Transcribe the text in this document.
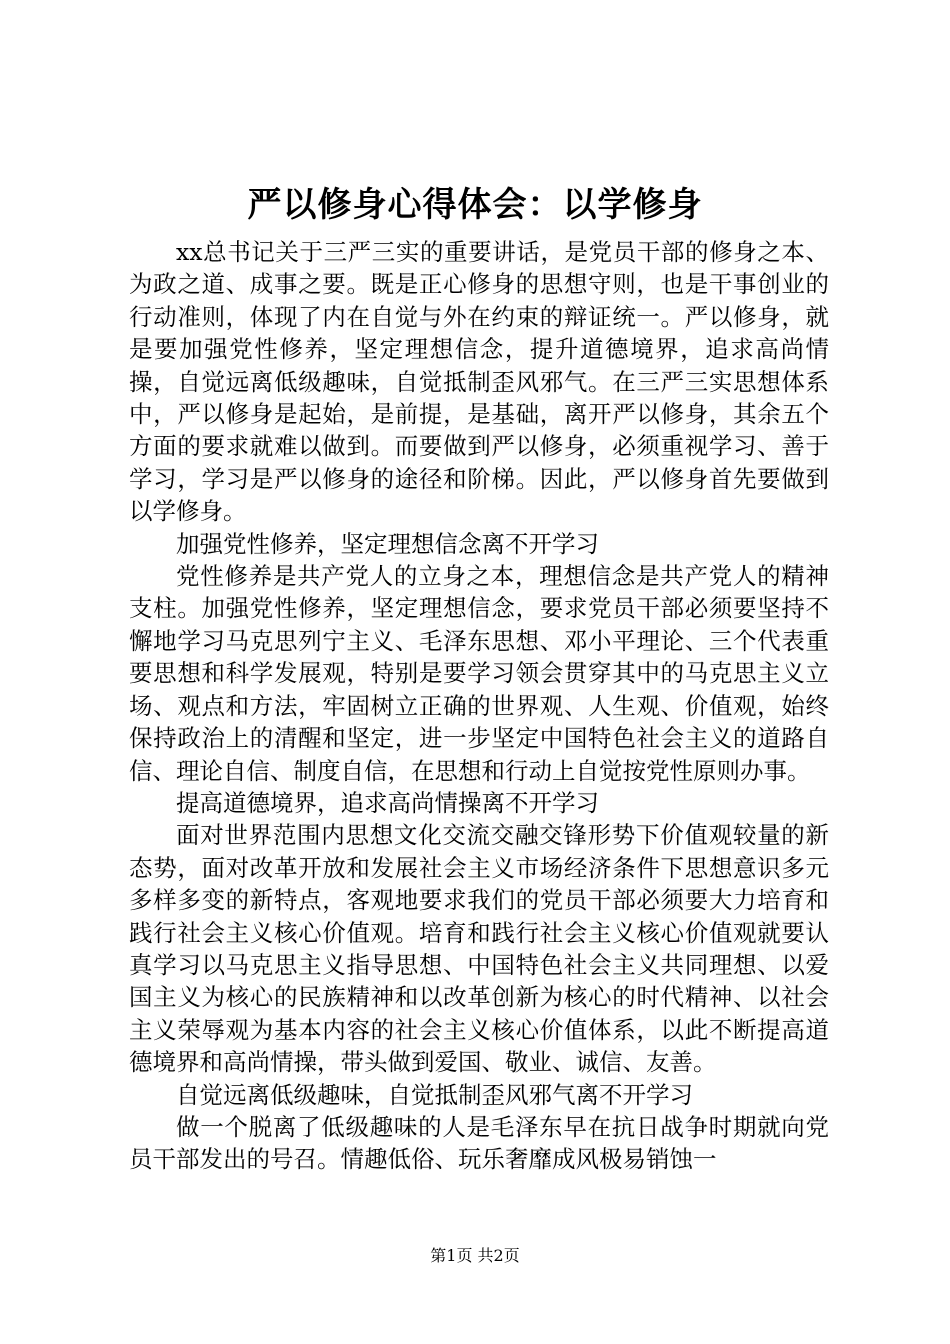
严以修身心得体会：以学修身

xx总书记关于三严三实的重要讲话，是党员干部的修身之本、为政之道、成事之要。既是正心修身的思想守则，也是干事创业的行动准则，体现了内在自觉与外在约束的辩证统一。严以修身，就是要加强党性修养，坚定理想信念，提升道德境界，追求高尚情操，自觉远离低级趣味，自觉抵制歪风邪气。在三严三实思想体系中，严以修身是起始，是前提，是基础，离开严以修身，其余五个方面的要求就难以做到。而要做到严以修身，必须重视学习、善于学习，学习是严以修身的途径和阶梯。因此，严以修身首先要做到以学修身。

加强党性修养，坚定理想信念离不开学习

党性修养是共产党人的立身之本，理想信念是共产党人的精神支柱。加强党性修养，坚定理想信念，要求党员干部必须要坚持不懈地学习马克思列宁主义、毛泽东思想、邓小平理论、三个代表重要思想和科学发展观，特别是要学习领会贯穿其中的马克思主义立场、观点和方法，牢固树立正确的世界观、人生观、价值观，始终保持政治上的清醒和坚定，进一步坚定中国特色社会主义的道路自信、理论自信、制度自信，在思想和行动上自觉按党性原则办事。

提高道德境界，追求高尚情操离不开学习

面对世界范围内思想文化交流交融交锋形势下价值观较量的新态势，面对改革开放和发展社会主义市场经济条件下思想意识多元多样多变的新特点，客观地要求我们的党员干部必须要大力培育和践行社会主义核心价值观。培育和践行社会主义核心价值观就要认真学习以马克思主义指导思想、中国特色社会主义共同理想、以爱国主义为核心的民族精神和以改革创新为核心的时代精神、以社会主义荣辱观为基本内容的社会主义核心价值体系，以此不断提高道德境界和高尚情操，带头做到爱国、敬业、诚信、友善。

自觉远离低级趣味，自觉抵制歪风邪气离不开学习

做一个脱离了低级趣味的人是毛泽东早在抗日战争时期就向党员干部发出的号召。情趣低俗、玩乐奢靡成风极易销蚀一

第1页 共2页
